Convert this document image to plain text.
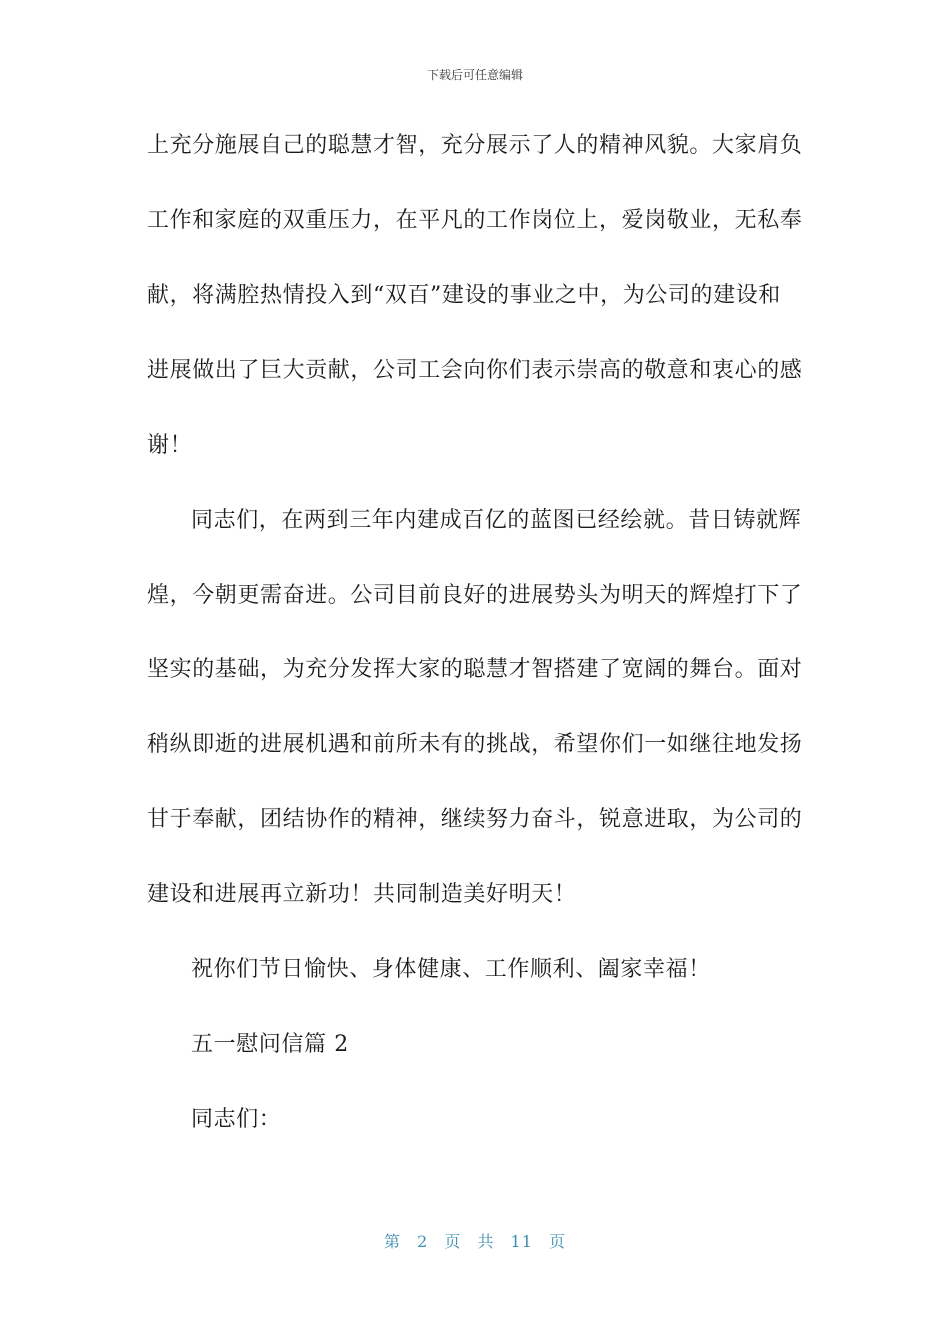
下载后可任意编辑
上充分施展自己的聪慧才智，充分展示了人的精神风貌。大家肩负
工作和家庭的双重压力，在平凡的工作岗位上，爱岗敬业，无私奉
献，将满腔热情投入到“双百”建设的事业之中，为公司的建设和
进展做出了巨大贡献，公司工会向你们表示崇高的敬意和衷心的感
谢！
同志们，在两到三年内建成百亿的蓝图已经绘就。昔日铸就辉
煌，今朝更需奋进。公司目前良好的进展势头为明天的辉煌打下了
坚实的基础，为充分发挥大家的聪慧才智搭建了宽阔的舞台。面对
稍纵即逝的进展机遇和前所未有的挑战，希望你们一如继往地发扬
甘于奉献，团结协作的精神，继续努力奋斗，锐意进取，为公司的
建设和进展再立新功！共同制造美好明天！
祝你们节日愉快、身体健康、工作顺利、阖家幸福！
五一慰问信篇 2
同志们：
第 2 页 共 11 页
